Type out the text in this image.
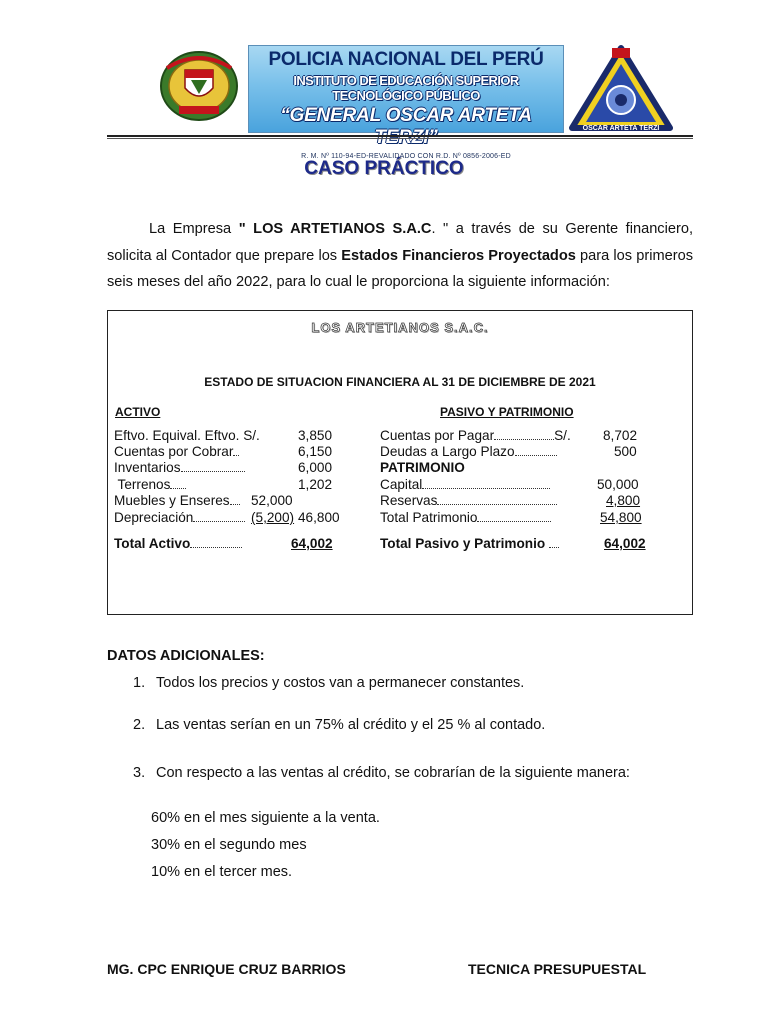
POLICIA NACIONAL DEL PERÚ
INSTITUTO DE EDUCACIÓN SUPERIOR TECNOLÓGICO PÚBLICO
“GENERAL OSCAR ARTETA
R. M. Nº 110-94-ED-REVALIDADO CON R.D. Nº 0856-2006-ED
OSCAR ARTETA TERZI
CASO PRÁCTICO
La Empresa " LOS ARTETIANOS S.A.C. " a través de su Gerente financiero, solicita al Contador que prepare los Estados Financieros Proyectados para los primeros seis meses del año 2022, para lo cual le proporciona la siguiente información:
LOS ARTETIANOS S.A.C.
ESTADO DE SITUACION FINANCIERA AL 31 DE DICIEMBRE DE 2021
ACTIVO	PASIVO Y PATRIMONIO
Eftvo. Equival. Eftvo. S/.	3,850
Cuentas por Cobrar	6,150
Inventarios	6,000
Terrenos	1,202
Muebles y Enseres	52,000
Depreciación	(5,200) 46,800
Total Activo	64,002
Cuentas por Pagar	S/. 8,702
Deudas a Largo Plazo	500
PATRIMONIO
Capital	50,000
Reservas	4,800
Total Patrimonio	54,800
Total Pasivo y Patrimonio	64,002
DATOS ADICIONALES:
1. Todos los precios y costos van a permanecer constantes.
2. Las ventas serían en un 75% al crédito y el 25 % al contado.
3. Con respecto a las ventas al crédito, se cobrarían de la siguiente manera:
60% en el mes siguiente a la venta.
30% en el segundo mes
10% en el tercer mes.
MG. CPC ENRIQUE CRUZ BARRIOS	TECNICA PRESUPUESTAL
